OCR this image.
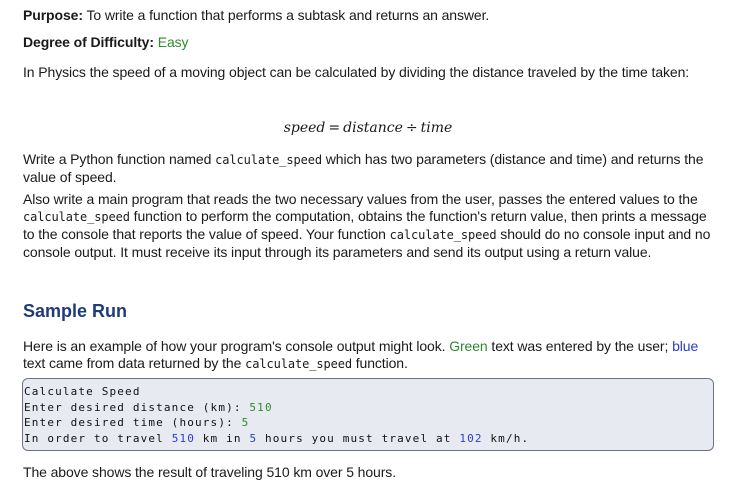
Purpose: To write a function that performs a subtask and returns an answer.
Degree of Difficulty: Easy
In Physics the speed of a moving object can be calculated by dividing the distance traveled by the time taken:
speed = distance ÷ time
Write a Python function named calculate_speed which has two parameters (distance and time) and returns the value of speed.
Also write a main program that reads the two necessary values from the user, passes the entered values to the calculate_speed function to perform the computation, obtains the function's return value, then prints a message to the console that reports the value of speed. Your function calculate_speed should do no console input and no console output. It must receive its input through its parameters and send its output using a return value.
Sample Run
Here is an example of how your program's console output might look. Green text was entered by the user; blue text came from data returned by the calculate_speed function.
Calculate Speed
Enter desired distance (km): 510
Enter desired time (hours): 5
In order to travel 510 km in 5 hours you must travel at 102 km/h.
The above shows the result of traveling 510 km over 5 hours.
